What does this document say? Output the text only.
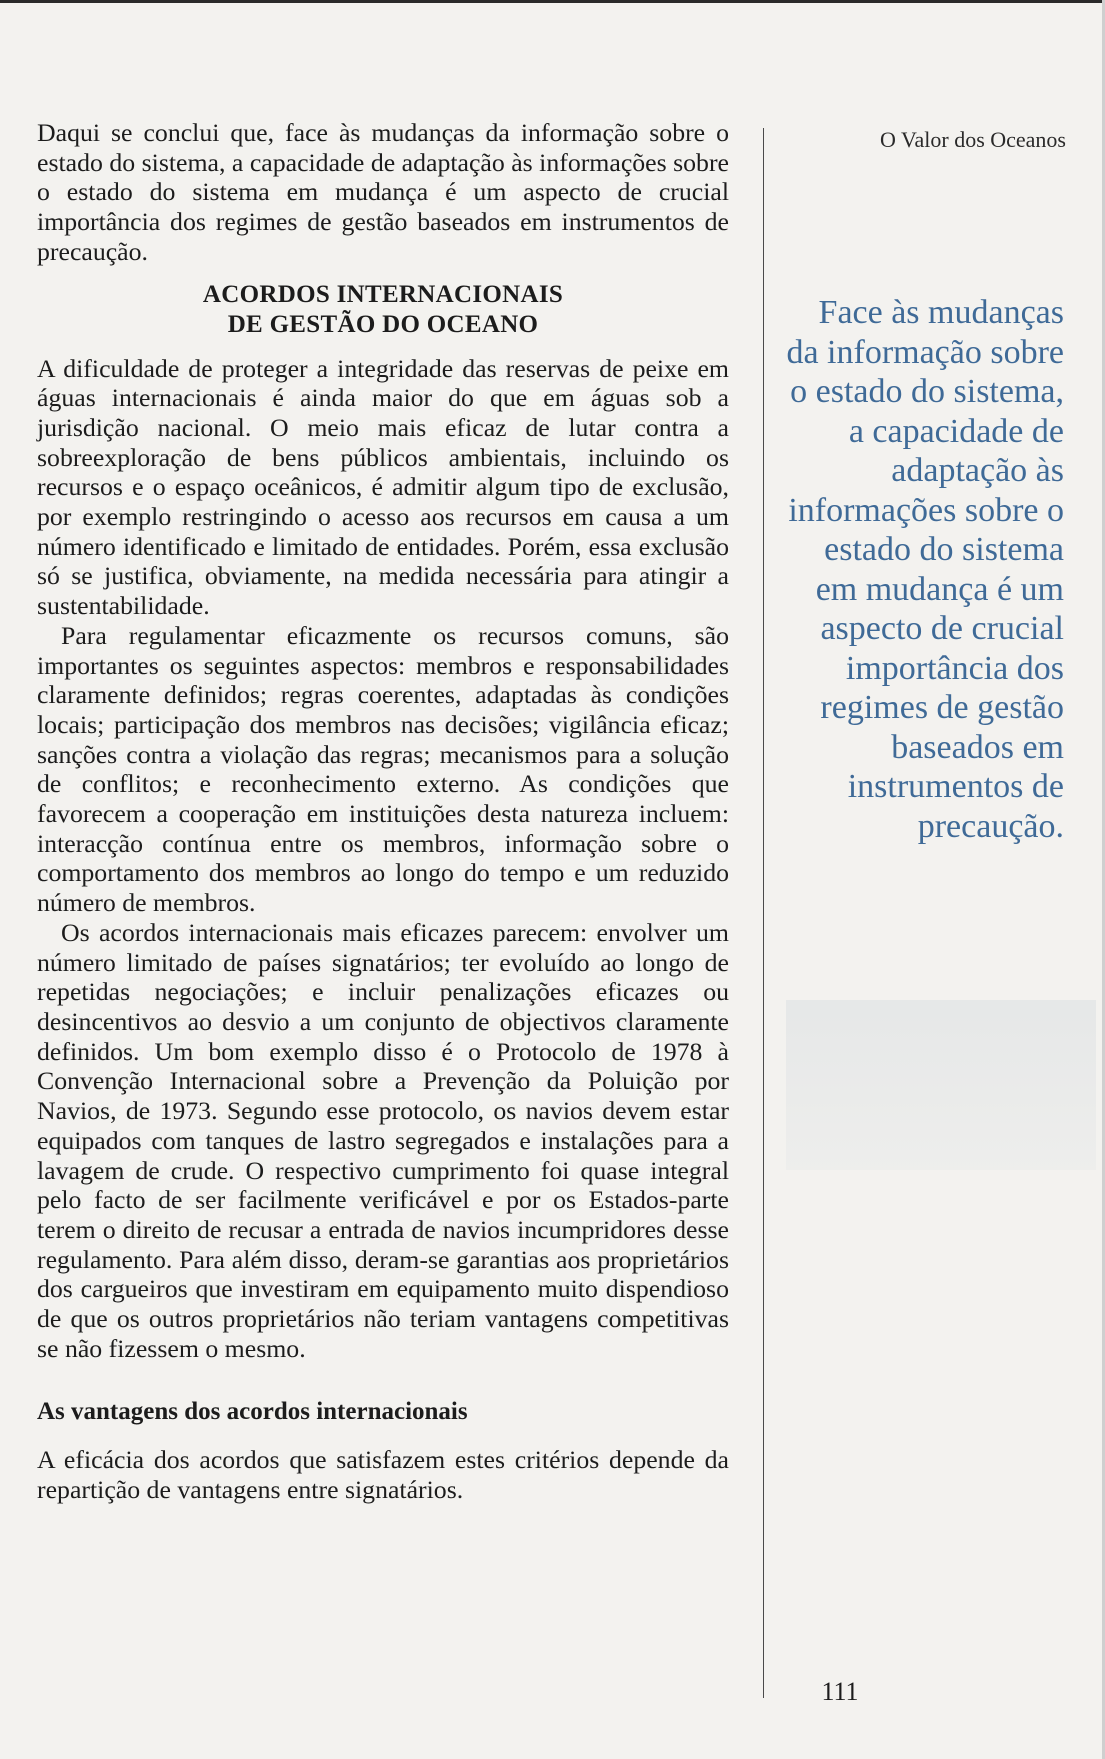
Daqui se conclui que, face às mudanças da informação sobre o estado do sistema, a capacidade de adaptação às informações sobre o estado do sistema em mudança é um aspecto de crucial importância dos regimes de gestão baseados em instrumentos de precaução.

ACORDOS INTERNACIONAIS
DE GESTÃO DO OCEANO

A dificuldade de proteger a integridade das reservas de peixe em águas internacionais é ainda maior do que em águas sob a jurisdição nacional. O meio mais eficaz de lutar contra a sobreexploração de bens públicos ambientais, incluindo os recursos e o espaço oceânicos, é admitir algum tipo de exclusão, por exemplo restringindo o acesso aos recursos em causa a um número identificado e limitado de entidades. Porém, essa exclusão só se justifica, obviamente, na medida necessária para atingir a sustentabilidade.

Para regulamentar eficazmente os recursos comuns, são importantes os seguintes aspectos: membros e responsabilidades claramente definidos; regras coerentes, adaptadas às condições locais; participação dos membros nas decisões; vigilância eficaz; sanções contra a violação das regras; mecanismos para a solução de conflitos; e reconhecimento externo. As condições que favorecem a cooperação em instituições desta natureza incluem: interacção contínua entre os membros, informação sobre o comportamento dos membros ao longo do tempo e um reduzido número de membros.

Os acordos internacionais mais eficazes parecem: envolver um número limitado de países signatários; ter evoluído ao longo de repetidas negociações; e incluir penalizações eficazes ou desincentivos ao desvio a um conjunto de objectivos claramente definidos. Um bom exemplo disso é o Protocolo de 1978 à Convenção Internacional sobre a Prevenção da Poluição por Navios, de 1973. Segundo esse protocolo, os navios devem estar equipados com tanques de lastro segregados e instalações para a lavagem de crude. O respectivo cumprimento foi quase integral pelo facto de ser facilmente verificável e por os Estados-parte terem o direito de recusar a entrada de navios incumpridores desse regulamento. Para além disso, deram-se garantias aos proprietários dos cargueiros que investiram em equipamento muito dispendioso de que os outros proprietários não teriam vantagens competitivas se não fizessem o mesmo.

As vantagens dos acordos internacionais

A eficácia dos acordos que satisfazem estes critérios depende da repartição de vantagens entre signatários.

O Valor dos Oceanos
Face às mudanças da informação sobre o estado do sistema, a capacidade de adaptação às informações sobre o estado do sistema em mudança é um aspecto de crucial importância dos regimes de gestão baseados em instrumentos de precaução.
111
